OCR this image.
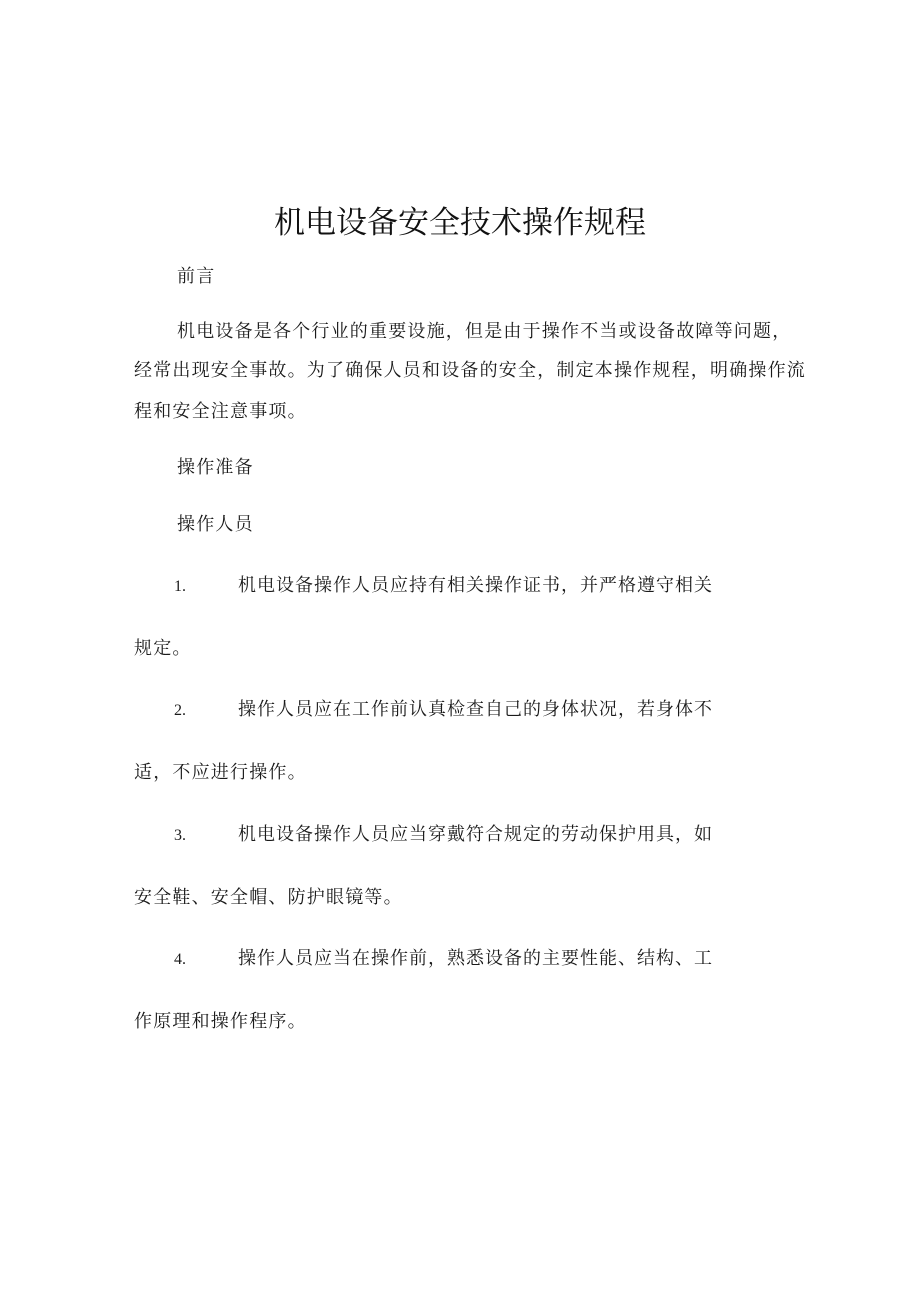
机电设备安全技术操作规程
前言
机电设备是各个行业的重要设施，但是由于操作不当或设备故障等问题，
经常出现安全事故。为了确保人员和设备的安全，制定本操作规程，明确操作流
程和安全注意事项。
操作准备
操作人员
1.	机电设备操作人员应持有相关操作证书，并严格遵守相关
规定。
2.	操作人员应在工作前认真检查自己的身体状况，若身体不
适，不应进行操作。
3.	机电设备操作人员应当穿戴符合规定的劳动保护用具，如
安全鞋、安全帽、防护眼镜等。
4.	操作人员应当在操作前，熟悉设备的主要性能、结构、工
作原理和操作程序。
